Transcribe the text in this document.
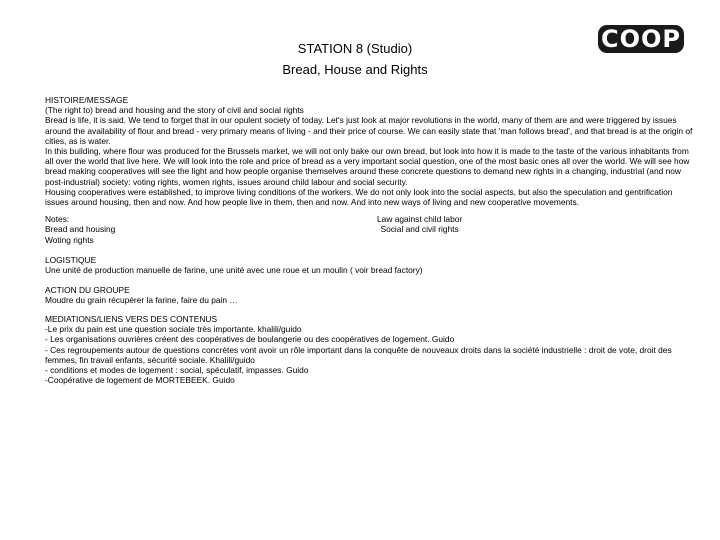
STATION 8 (Studio)
Bread, House and Rights
COOP

HISTOIRE/MESSAGE

(The right to) bread and housing and the story of civil and social rights

Bread is life, it is said. We tend to forget that in our opulent society of today. Let's just look at major revolutions in the world, many of them are and were triggered by issues around the availability of flour and bread - very primary means of living - and their price of course. We can easily state that 'man follows bread', and that bread is at the origin of cities, as is water.

In this building, where flour was produced for the Brussels market, we will not only bake our own bread, but look into how it is made to the taste of the various inhabitants from all over the world that live here. We will look into the role and price of bread as a very important social question, one of the most basic ones all over the world. We will see how bread making cooperatives will see the light and how people organise themselves around these concrete questions to demand new rights in a changing, industrial (and now post-industrial) society: voting rights, women rights, issues around child labour and social security.

Housing cooperatives were established, to improve living conditions of the workers. We do not only look into the social aspects, but also the speculation and gentrification issues around housing, then and now. And how people live in them, then and now. And into new ways of living and new cooperative movements.

Notes:

Bread and housing

Woting rights

Law against child labor

Social and civil rights

LOGISTIQUE

Une unité de production manuelle de farine, une unité avec une roue et un moulin ( voir bread factory)

ACTION DU GROUPE

Moudre du grain récupérer la farine, faire du pain …

MEDIATIONS/LIENS VERS DES CONTENUS

-Le prix du pain est une question sociale très importante. khalili/guido

- Les organisations ouvrières créent des coopératives de boulangerie ou des coopératives de logement. Guido

- Ces regroupements autour de questions concrètes vont avoir un rôle important dans la conquête de nouveaux droits dans la société industrielle : droit de vote, droit des femmes, fin travail enfants, sécurité sociale. Khalili/guido

- conditions et modes de logement : social, spéculatif, impasses. Guido

-Coopérative de logement de MORTEBEEK. Guido
